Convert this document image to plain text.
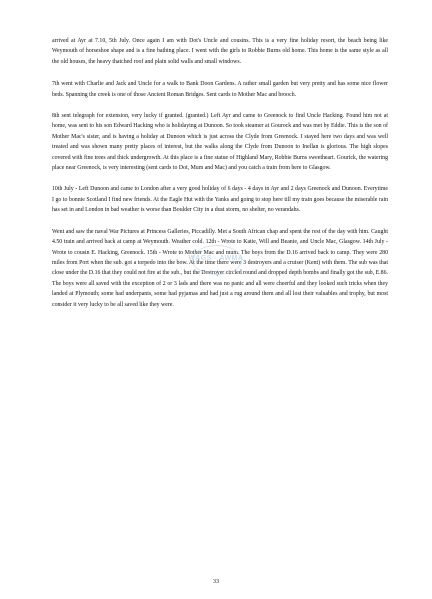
arrived at Ayr at 7.10, 5th July. Once again I am with Dot's Uncle and cousins. This is a very fine holiday resort, the beach being like Weymouth of horseshoe shape and is a fine bathing place. I went with the girls to Robbie Burns old home. This home is the same style as all the old houses, the heavy thatched roof and plain solid walls and small windows.

7th went with Charlie and Jack and Uncle for a walk to Bank Doon Gardens. A rather small garden but very pretty and has some nice flower beds. Spanning the creek is one of those Ancient Roman Bridges. Sent cards to Mother Mac and brooch.

8th sent telegraph for extension, very lucky if granted. (granted.) Left Ayr and came to Greenock to find Uncle Hacking. Found him not at home, was sent to his son Edward Hacking who is holidaying at Dunoon. So took steamer at Gourock and was met by Eddie. This is the son of Mother Mac's sister, and is having a holiday at Dunoon which is just across the Clyde from Greenock. I stayed here two days and was well treated and was shown many pretty places of interest, but the walks along the Clyde from Dunoon to Inellan is glorious. The high slopes covered with fine trees and thick undergrowth. At this place is a fine statue of Highland Mary, Robbie Burns sweetheart. Gourick, the watering place near Greenock, is very interesting (sent cards to Dot, Mum and Mac) and you catch a train from here to Glasgow.

10th July - Left Dunoon and came to London after a very good holiday of 6 days - 4 days in Ayr and 2 days Greenock and Dunoon. Everytime I go to bonnie Scotland I find new friends. At the Eagle Hut with the Yanks and going to stop here till my train goes because the miserable rain has set in and London in bad weather is worse than Boulder City in a dust storm, no shelter, no verandahs.

Went and saw the naval War Pictures at Princess Galleries, Piccadilly. Met a South African chap and spent the rest of the day with him. Caught 4.50 train and arrived back at camp at Weymouth. Weather cold. 12th - Wrote to Katie, Will and Beanie, and Uncle Mac, Glasgow. 14th July - Wrote to cousin E. Hacking, Greenock. 15th - Wrote to Mother Mac and mum. The boys from the D.16 arrived back to camp. They were 280 miles from Port when the sub. got a torpedo into the bow. At the time there were 3 destroyers and a cruiser (Kent) with them. The sub was that close under the D.16 that they could not fire at the sub., but the Destroyer circled round and dropped depth bombs and finally got the sub, E.86. The boys were all saved with the exception of 2 or 3 lads and there was no panic and all were cheerful and they looked such tricks when they landed at Plymouth; some had underpants, some had pyjamas and had just a rug around them and all lost their valuables and trophy, but most consider it very lucky to be all saved like they were.

WAGS - AWMA
33
